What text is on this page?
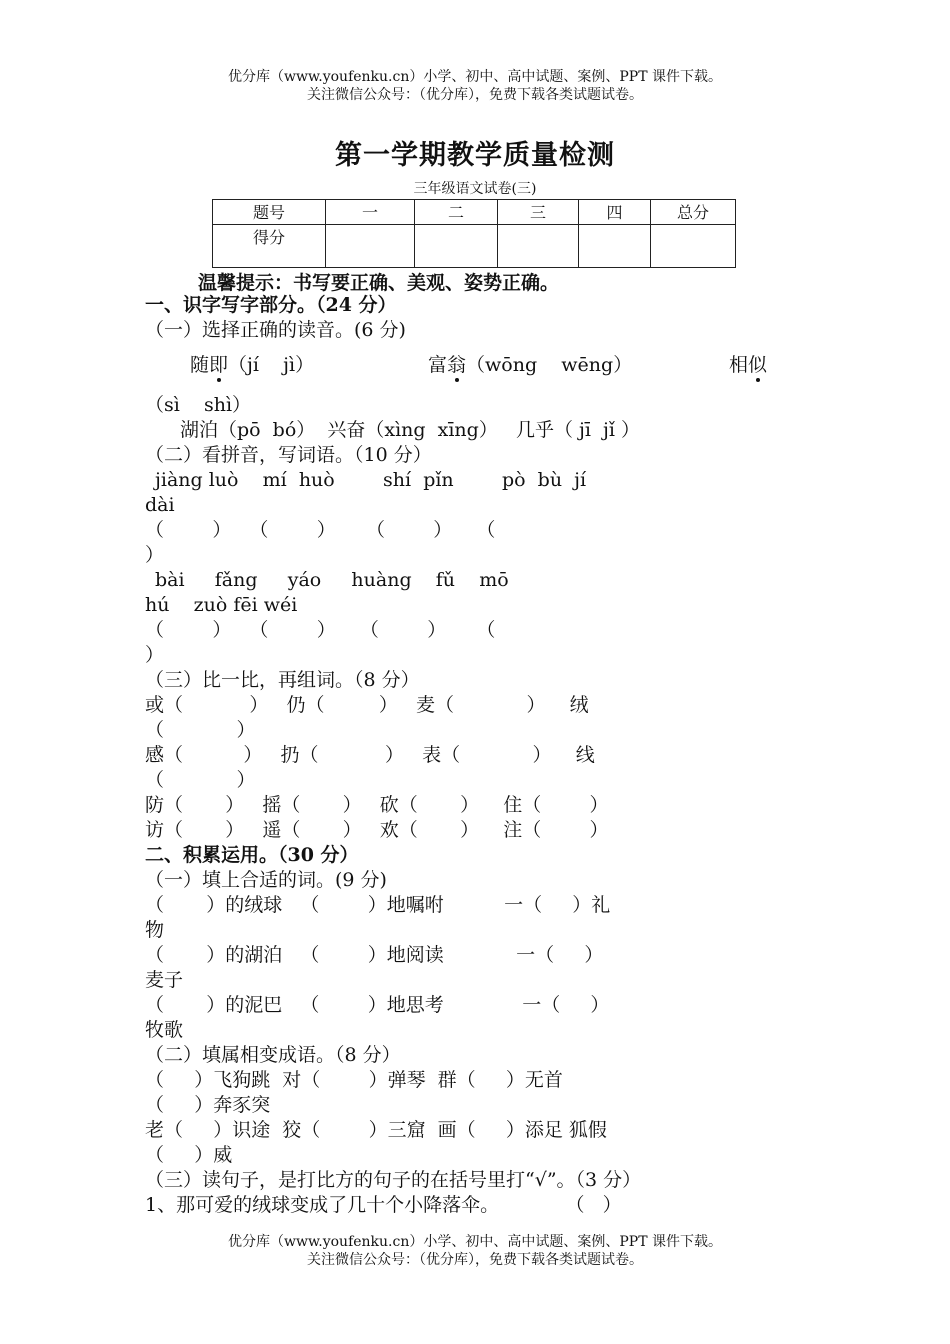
优分库（www.youfenku.cn）小学、初中、高中试题、案例、PPT 课件下载。
关注微信公众号：（优分库），免费下载各类试题试卷。
第一学期教学质量检测
三年级语文试卷(三)
题号	一	二	三	四	总分
得分					
温馨提示：书写要正确、美观、姿势正确。
一、识字写字部分。（24 分）
（一）选择正确的读音。(6 分)
随即（jí    jì）	富翁（wōng    wēng）	相似
（sì    shì）
湖泊（pō  bó）  兴奋（xìng  xīng）   几乎（ jī  jǐ ）
（二）看拼音，写词语。（10 分）
jiàng luò    mí  huò        shí  pǐn        pò  bù  jí
dài
（        ）   （        ）     （        ）    （
）
bài     fǎng     yáo     huàng    fǔ    mō
hú    zuò fēi wéi
（        ）   （        ）    （        ）     （
）
（三）比一比，再组词。（8 分）
或（           ）   仍（         ）   麦（            ）    绒
（            ）
感（          ）   扔（           ）   表（            ）    线
（            ）
防（       ）   摇（       ）   砍（       ）    住（        ）
访（       ）   遥（       ）   欢（       ）    注（        ）
二、积累运用。（30 分）
（一）填上合适的词。(9 分)
（       ）的绒球   （        ）地嘱咐          一（     ）礼
物
（       ）的湖泊   （        ）地阅读            一（     ）
麦子
（       ）的泥巴   （        ）地思考             一（     ）
牧歌
（二）填属相变成语。（8 分）
（     ）飞狗跳  对（        ）弹琴  群（     ）无首
（     ）奔豕突
老（     ）识途  狡（        ）三窟  画（     ）添足 狐假
（     ）威
（三）读句子，是打比方的句子的在括号里打“√”。（3 分）
1、那可爱的绒球变成了几十个小降落伞。           （   ）
优分库（www.youfenku.cn）小学、初中、高中试题、案例、PPT 课件下载。
关注微信公众号：（优分库），免费下载各类试题试卷。
